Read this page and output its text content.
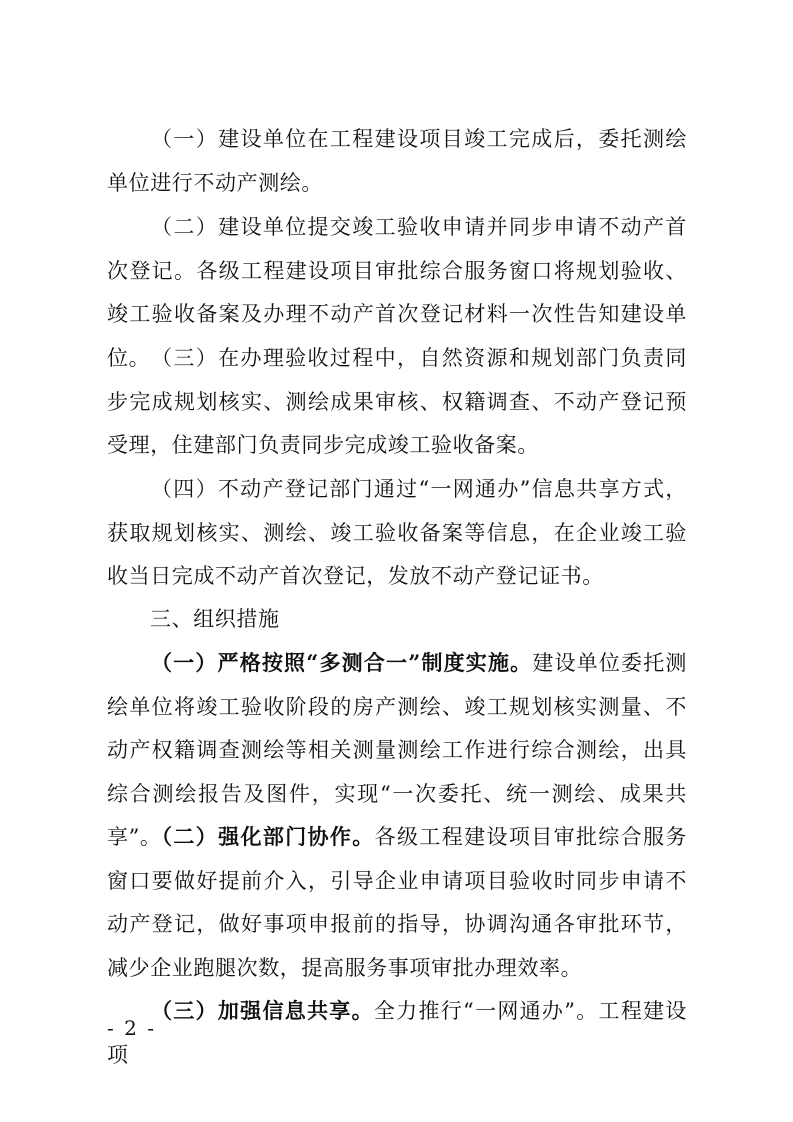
（一）建设单位在工程建设项目竣工完成后，委托测绘单位进行不动产测绘。

（二）建设单位提交竣工验收申请并同步申请不动产首次登记。各级工程建设项目审批综合服务窗口将规划验收、竣工验收备案及办理不动产首次登记材料一次性告知建设单位。 （三）在办理验收过程中，自然资源和规划部门负责同步完成规划核实、测绘成果审核、权籍调查、不动产登记预受理，住建部门负责同步完成竣工验收备案。

（四）不动产登记部门通过“一网通办”信息共享方式，获取规划核实、测绘、竣工验收备案等信息，在企业竣工验收当日完成不动产首次登记，发放不动产登记证书。

三、组织措施

（一）严格按照“多测合一”制度实施。建设单位委托测绘单位将竣工验收阶段的房产测绘、竣工规划核实测量、不动产权籍调查测绘等相关测量测绘工作进行综合测绘，出具综合测绘报告及图件，实现“一次委托、统一测绘、成果共享”。

（二）强化部门协作。各级工程建设项目审批综合服务窗口要做好提前介入，引导企业申请项目验收时同步申请不动产登记，做好事项申报前的指导，协调沟通各审批环节，减少企业跑腿次数，提高服务事项审批办理效率。

（三）加强信息共享。全力推行“一网通办”。工程建设项

- 2 -
